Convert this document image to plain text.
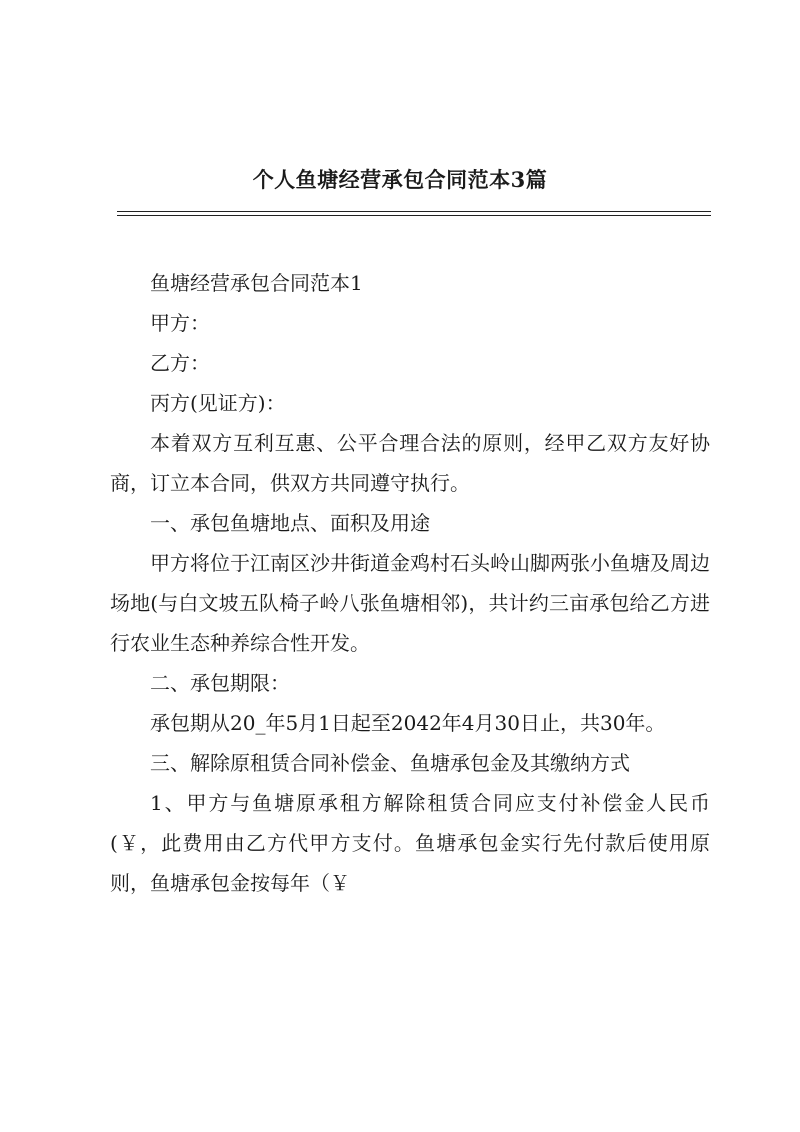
个人鱼塘经营承包合同范本3篇

鱼塘经营承包合同范本1

甲方：

乙方：

丙方(见证方)：

本着双方互利互惠、公平合理合法的原则，经甲乙双方友好协商，订立本合同，供双方共同遵守执行。

一、承包鱼塘地点、面积及用途

甲方将位于江南区沙井街道金鸡村石头岭山脚两张小鱼塘及周边场地(与白文坡五队椅子岭八张鱼塘相邻)，共计约三亩承包给乙方进行农业生态种养综合性开发。

二、承包期限：

承包期从20_年5月1日起至2042年4月30日止，共30年。

三、解除原租赁合同补偿金、鱼塘承包金及其缴纳方式

1、甲方与鱼塘原承租方解除租赁合同应支付补偿金人民币(￥，此费用由乙方代甲方支付。鱼塘承包金实行先付款后使用原则，鱼塘承包金按每年（￥
